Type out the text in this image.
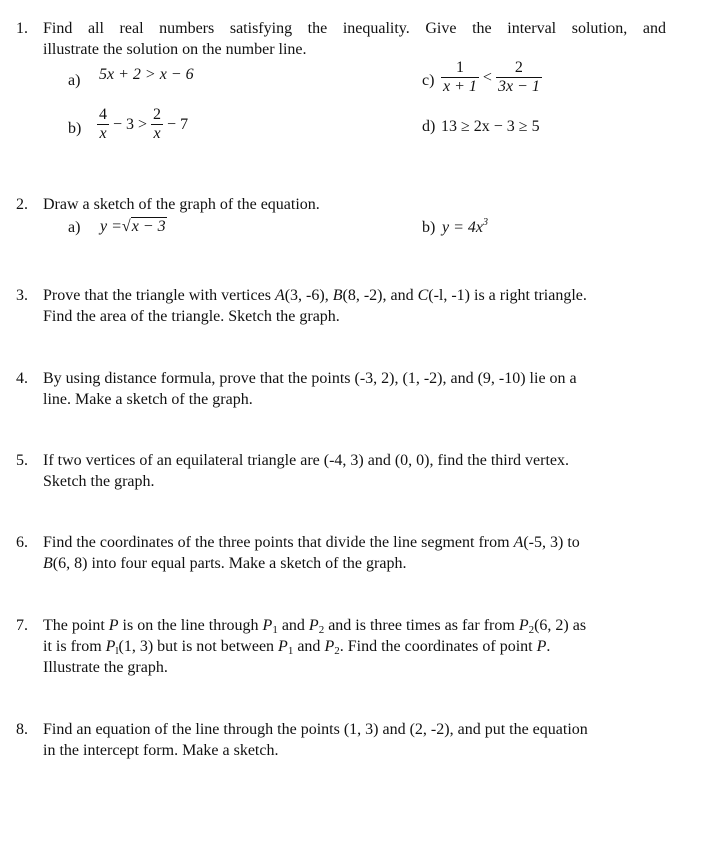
1. Find all real numbers satisfying the inequality. Give the interval solution, and
illustrate the solution on the number line.
a) 5x + 2 > x − 6	$c) \frac{1}{x + 1} < \frac{2}{3x - 1}$
$b) \frac{4}{x} - 3 > \frac{2}{x} - 7$	d) 13 ≥ 2x − 3 ≥ 5
2. Draw a sketch of the graph of the equation.
a) y =√x − 3	b) $y = 4x^3$
3. Prove that the triangle with vertices A(3, -6), B(8, -2), and C(-l, -1) is a right triangle.
Find the area of the triangle. Sketch the graph.
4. By using distance formula, prove that the points (-3, 2), (1, -2), and (9, -10) lie on a
line. Make a sketch of the graph.
5. If two vertices of an equilateral triangle are (-4, 3) and (0, 0), find the third vertex.
Sketch the graph.
6. Find the coordinates of the three points that divide the line segment from A(-5, 3) to
B(6, 8) into four equal parts. Make a sketch of the graph.
7. The point P is on the line through $P_1$ and $P_2$ and is three times as far from $P_2(6$, 2) as
it is from $P_l(1$, 3) but is not between $P_1$ and $P_2$. Find the coordinates of point P.
Illustrate the graph.
8. Find an equation of the line through the points (1, 3) and (2, -2), and put the equation
in the intercept form. Make a sketch.
